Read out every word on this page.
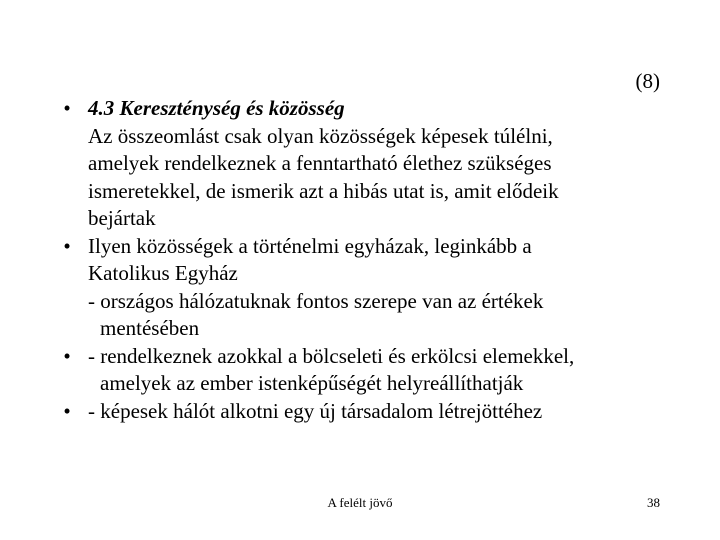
(8)
• 4.3 Kereszténység és közösség
Az összeomlást csak olyan közösségek képesek túlélni,
amelyek rendelkeznek a fenntartható élethez szükséges
ismeretekkel, de ismerik azt a hibás utat is, amit elődeik
bejártak
• Ilyen közösségek a történelmi egyházak, leginkább a
Katolikus Egyház
- országos hálózatuknak fontos szerepe van az értékek
mentésében
• - rendelkeznek azokkal a bölcseleti és erkölcsi elemekkel,
amelyek az ember istenképűségét helyreállíthatják
• - képesek hálót alkotni egy új társadalom létrejöttéhez
A felélt jövő	38
